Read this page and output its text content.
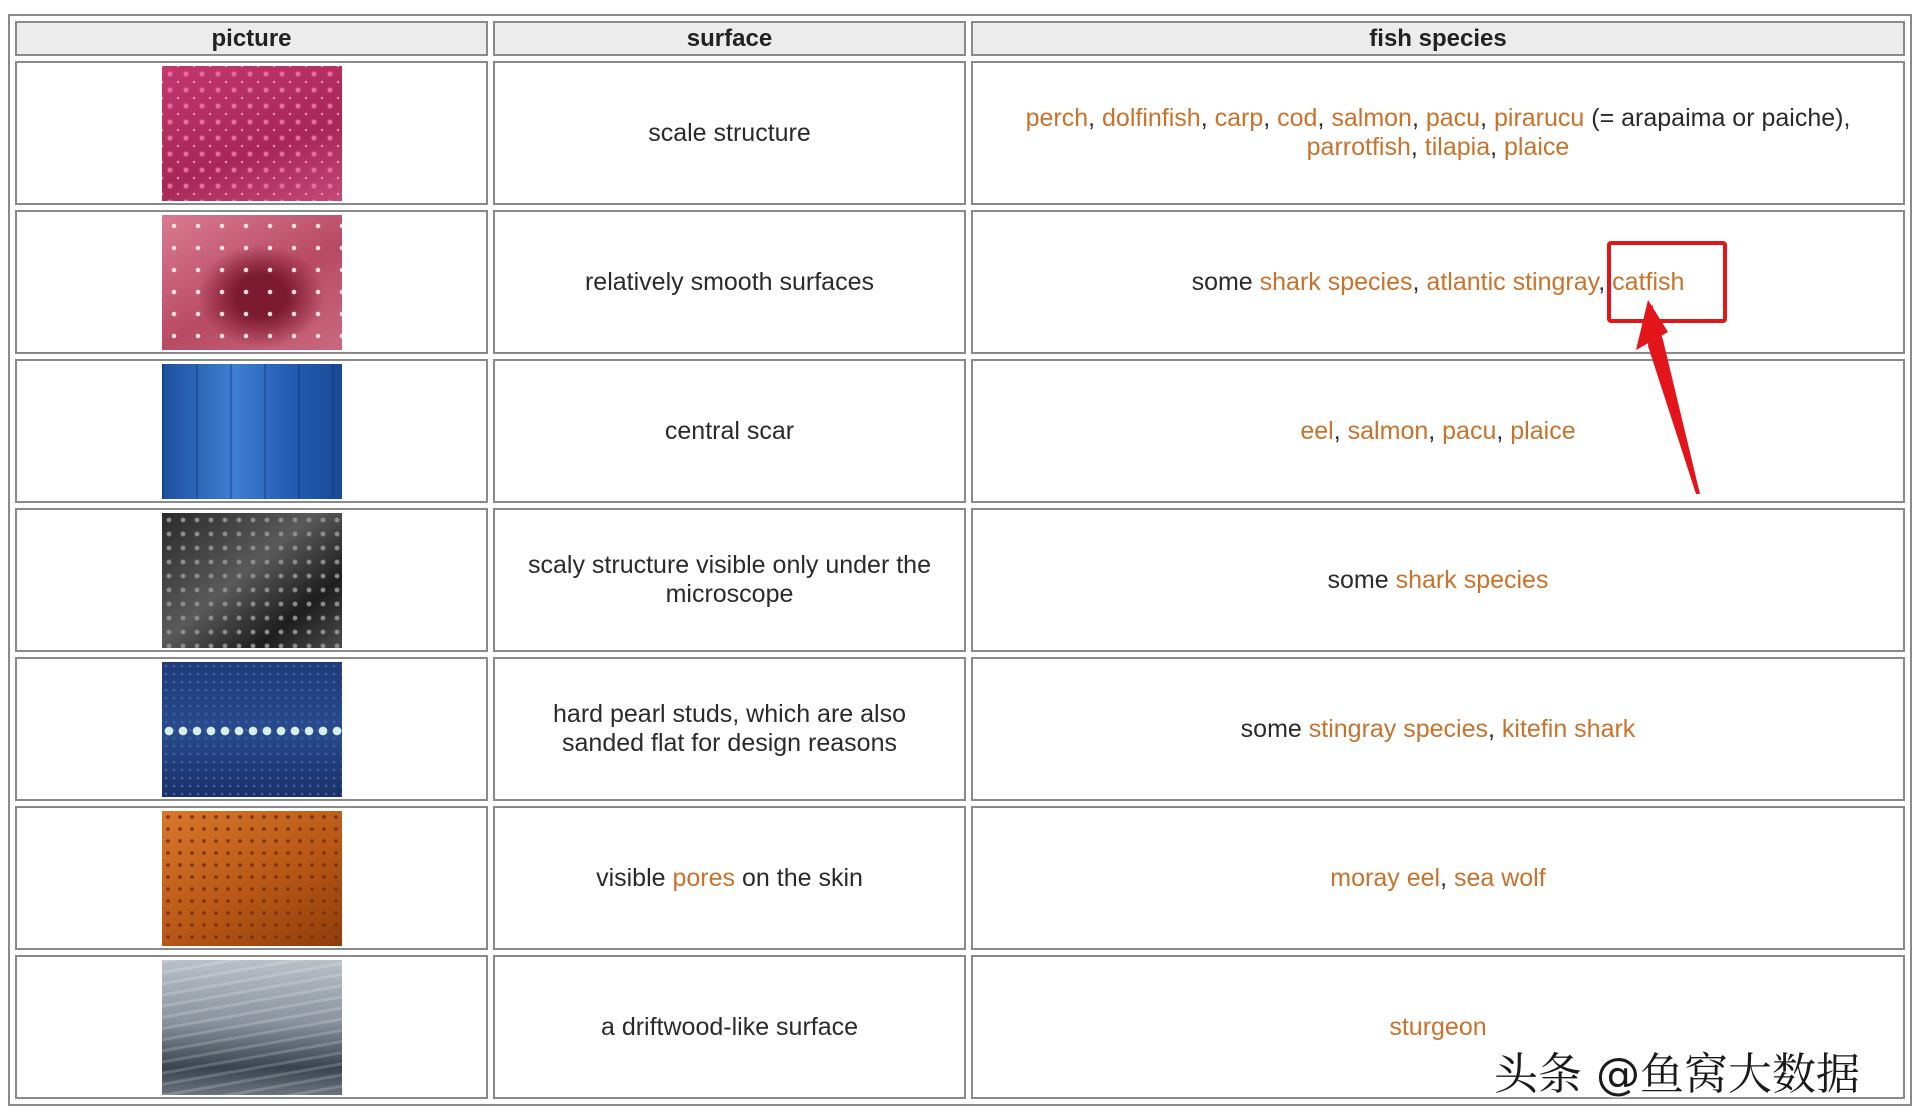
picture	surface	fish species
	scale structure	perch, dolfinfish, carp, cod, salmon, pacu, pirarucu (= arapaima or paiche), parrotfish, tilapia, plaice
	relatively smooth surfaces	some shark species, atlantic stingray, catfish
	central scar	eel, salmon, pacu, plaice
	scaly structure visible only under the microscope	some shark species
	hard pearl studs, which are also sanded flat for design reasons	some stingray species, kitefin shark
	visible pores on the skin	moray eel, sea wolf
	a driftwood-like surface	sturgeon
头条 @鱼窝大数据
